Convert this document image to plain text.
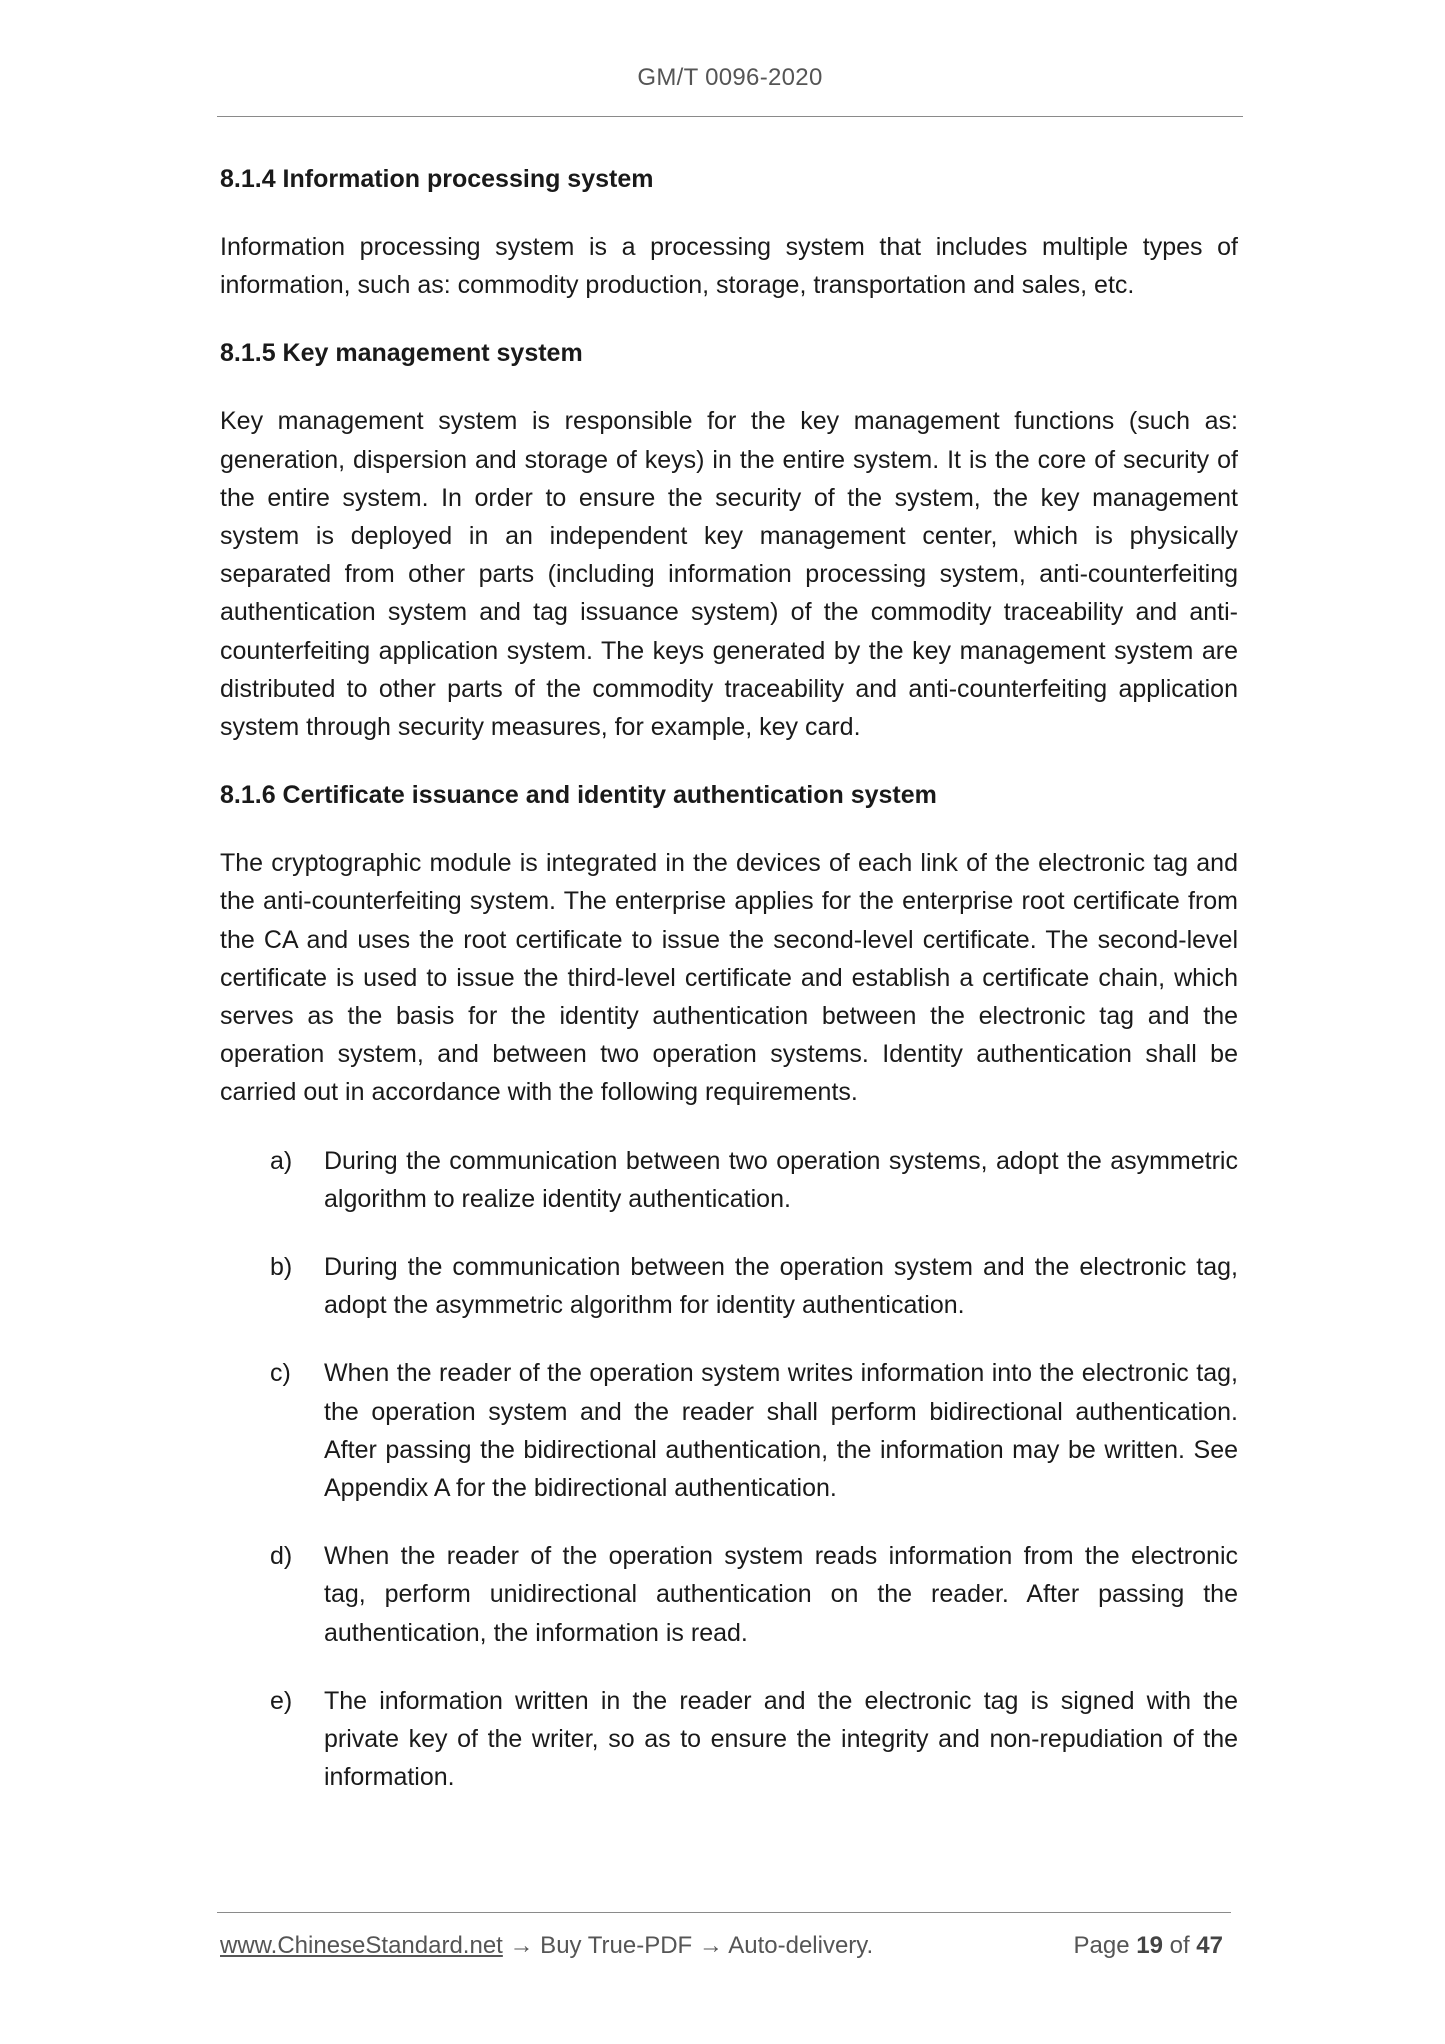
GM/T 0096-2020
8.1.4 Information processing system

Information processing system is a processing system that includes multiple types of information, such as: commodity production, storage, transportation and sales, etc.

8.1.5 Key management system

Key management system is responsible for the key management functions (such as: generation, dispersion and storage of keys) in the entire system. It is the core of security of the entire system. In order to ensure the security of the system, the key management system is deployed in an independent key management center, which is physically separated from other parts (including information processing system, anti-counterfeiting authentication system and tag issuance system) of the commodity traceability and anti-counterfeiting application system. The keys generated by the key management system are distributed to other parts of the commodity traceability and anti-counterfeiting application system through security measures, for example, key card.

8.1.6 Certificate issuance and identity authentication system

The cryptographic module is integrated in the devices of each link of the electronic tag and the anti-counterfeiting system. The enterprise applies for the enterprise root certificate from the CA and uses the root certificate to issue the second-level certificate. The second-level certificate is used to issue the third-level certificate and establish a certificate chain, which serves as the basis for the identity authentication between the electronic tag and the operation system, and between two operation systems. Identity authentication shall be carried out in accordance with the following requirements.

a) During the communication between two operation systems, adopt the asymmetric algorithm to realize identity authentication.

b) During the communication between the operation system and the electronic tag, adopt the asymmetric algorithm for identity authentication.

c) When the reader of the operation system writes information into the electronic tag, the operation system and the reader shall perform bidirectional authentication. After passing the bidirectional authentication, the information may be written. See Appendix A for the bidirectional authentication.

d) When the reader of the operation system reads information from the electronic tag, perform unidirectional authentication on the reader. After passing the authentication, the information is read.

e) The information written in the reader and the electronic tag is signed with the private key of the writer, so as to ensure the integrity and non-repudiation of the information.

www.ChineseStandard.net → Buy True-PDF → Auto-delivery.	Page 19 of 47
